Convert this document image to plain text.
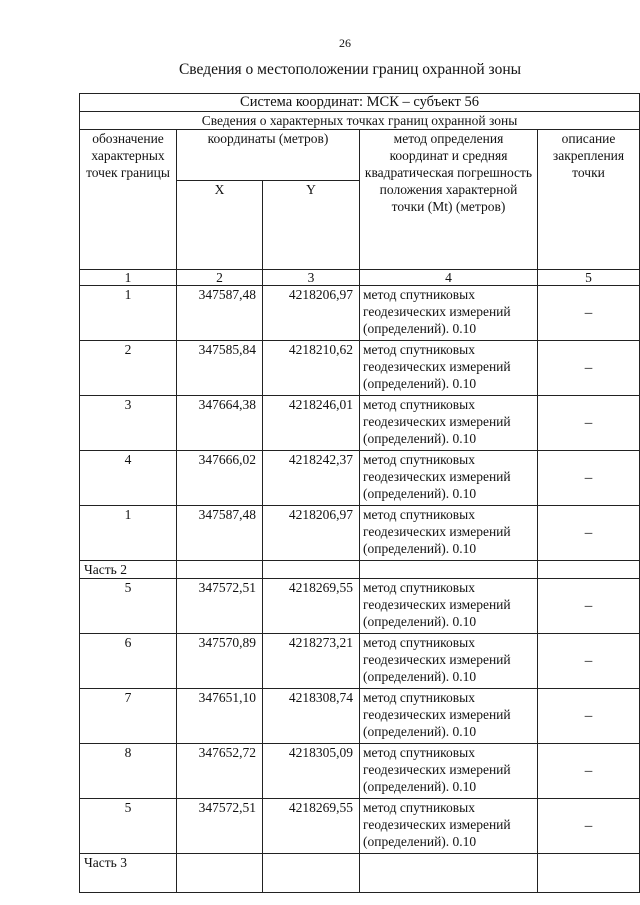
26
Сведения о местоположении границ охранной зоны
Система координат: МСК – субъект 56				
Сведения о характерных точках границ охранной зоны				
обозначение характерных точек границы	координаты (метров)		метод определения координат и средняя квадратическая погрешность положения характерной точки (Mt) (метров)	описание закрепления точки
	X	Y		
1	2	3	4	5
1	347587,48	4218206,97	метод спутниковых
геодезических измерений
(определений). 0.10	–
2	347585,84	4218210,62	метод спутниковых
геодезических измерений
(определений). 0.10	–
3	347664,38	4218246,01	метод спутниковых
геодезических измерений
(определений). 0.10	–
4	347666,02	4218242,37	метод спутниковых
геодезических измерений
(определений). 0.10	–
1	347587,48	4218206,97	метод спутниковых
геодезических измерений
(определений). 0.10	–
Часть 2				
5	347572,51	4218269,55	метод спутниковых
геодезических измерений
(определений). 0.10	–
6	347570,89	4218273,21	метод спутниковых
геодезических измерений
(определений). 0.10	–
7	347651,10	4218308,74	метод спутниковых
геодезических измерений
(определений). 0.10	–
8	347652,72	4218305,09	метод спутниковых
геодезических измерений
(определений). 0.10	–
5	347572,51	4218269,55	метод спутниковых
геодезических измерений
(определений). 0.10	–
Часть 3				
